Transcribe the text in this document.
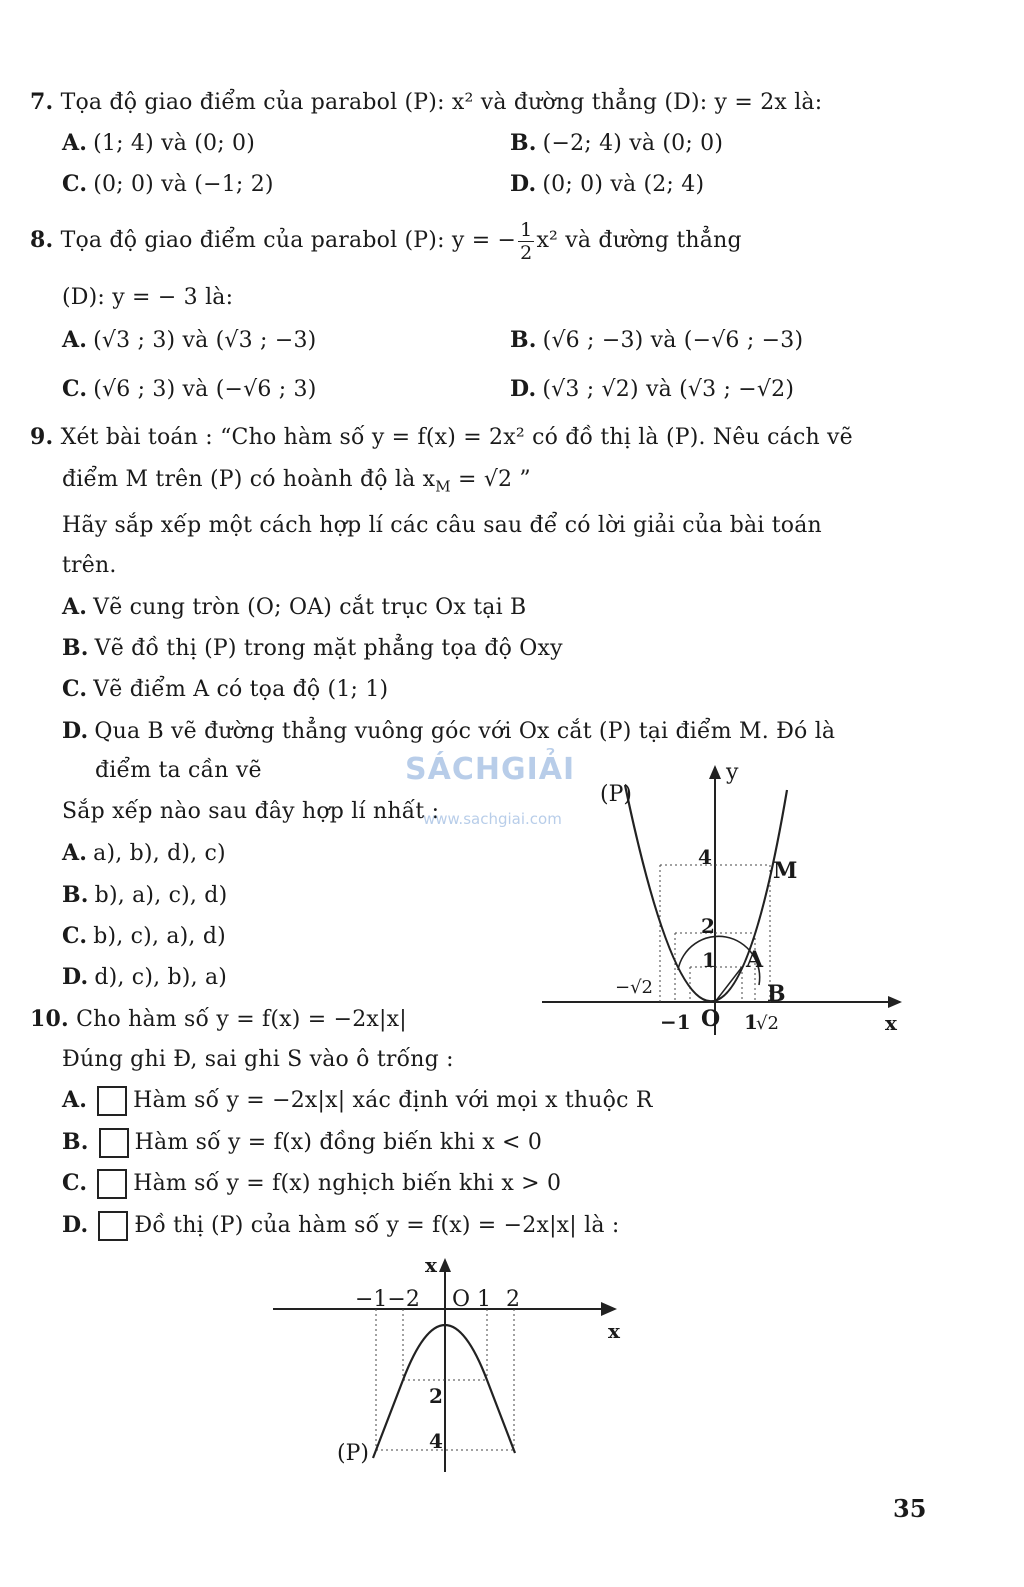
7. Tọa độ giao điểm của parabol (P): x² và đường thẳng (D): y = 2x là:
A. (1; 4) và (0; 0)	B. (−2; 4) và (0; 0)
C. (0; 0) và (−1; 2)	D. (0; 0) và (2; 4)
8. Tọa độ giao điểm của parabol (P): y = − $\frac{1}{2} x^2$ và đường thẳng
(D): y = − 3 là:
A. (√3 ; 3) và (√3 ; −3)	B. (√6 ; −3) và (−√6 ; −3)
C. (√6 ; 3) và (−√6 ; 3)	D. (√3 ; √2) và (√3 ; −√2)
9. Xét bài toán : “Cho hàm số y = f(x) = 2x² có đồ thị là (P). Nêu cách vẽ
điểm M trên (P) có hoành độ là $x_M = √2$ ”
Hãy sắp xếp một cách hợp lí các câu sau để có lời giải của bài toán
trên.
A. Vẽ cung tròn (O; OA) cắt trục Ox tại B
B. Vẽ đồ thị (P) trong mặt phẳng tọa độ Oxy
C. Vẽ điểm A có tọa độ (1; 1)
D. Qua B vẽ đường thẳng vuông góc với Ox cắt (P) tại điểm M. Đó là
điểm ta cần vẽ
Sắp xếp nào sau đây hợp lí nhất :
A. a), b), d), c)
B. b), a), c), d)
C. b), c), a), d)
D. d), c), b), a)
y
x
(P)
M
A
B
O
4
2
1
−√2
−1	1
√2
10. Cho hàm số y = f(x) = −2x|x|
Đúng ghi Đ, sai ghi S vào ô trống :
A. Hàm số y = −2x|x| xác định với mọi x thuộc R
B. Hàm số y = f(x) đồng biến khi x < 0
C. Hàm số y = f(x) nghịch biến khi x > 0
D. Đồ thị (P) của hàm số y = f(x) = −2x|x| là :
x
x
(P)
−1−2 O 1 2
2
4
SÁCHGIẢI
www.sachgiai.com
35
